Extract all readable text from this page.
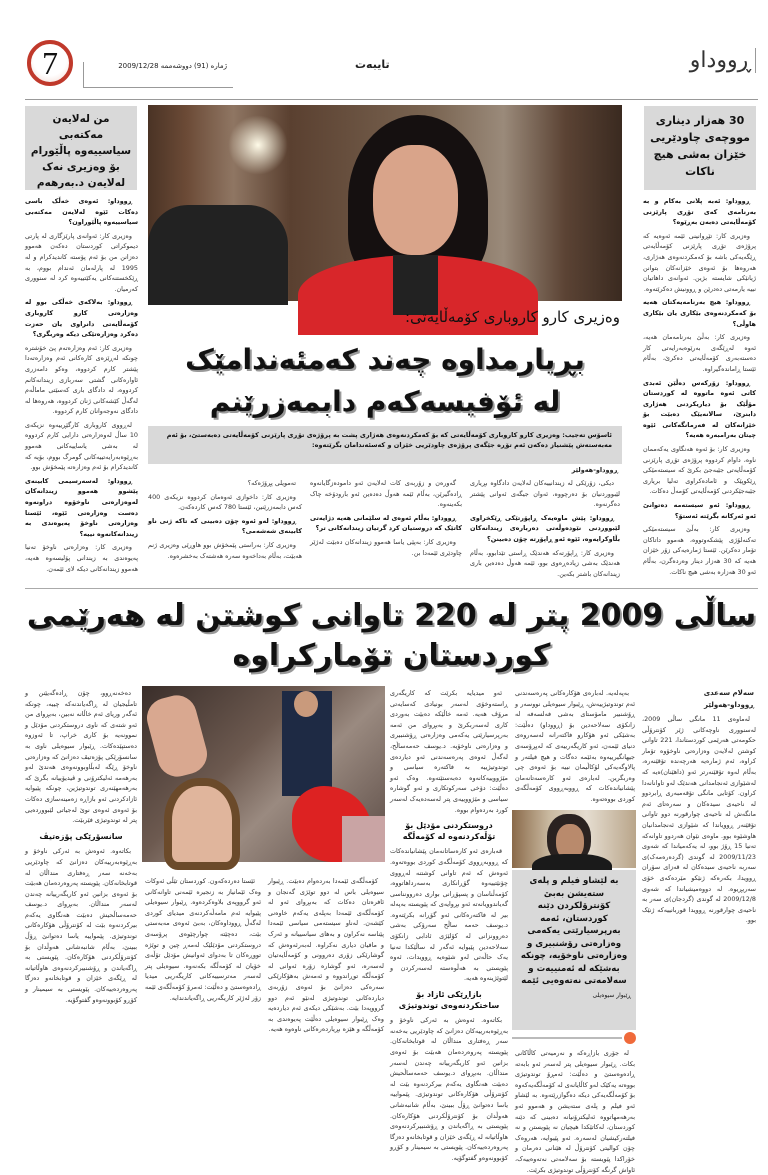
7	ژمارە (91) دووشەممە 2009/12/28	تایبەت	ڕووداو
من لەلایەن مەکتەبی سیاسییەوە پاڵێورام بۆ وەزیری نەک لەلایەن د.بەرهەم
30 هەزار دیناری مووچەی چاودێریی خێزان بەشی هیچ ناکات

ڕووداو: ئەوەی خەڵک باسی دەکات ئێوە لەلایەن مەکتەبی سیاسییەوە پاڵێوراون؟

وەزیری کار: ئەوانەی پارێزگاری لە پارتی دیموکراتی کوردستان دەکەن هەموو دەزانن من بۆ ئەم پۆستە کاندیدکرام و لە 1995 لە پارلەمان ئەندام بووم، بە ڕێکخستنەکانی یەکێتییەوە کرد لە سنووری کەرمیان.

ڕووداو: بەلاکەی خەڵکی بوو لە وەزارەتی کارو کاروباری کۆمەڵایەتی دانراوی یان حەزت دەکرد وەزارەتێکی دیکە وەربگری؟

وەزیری کار: ئەم وەزارەتەم پێ خۆشترە چونکە لەڕێزەی کارەکانی ئەم وەزارەتەدا پێشتر کارم کردووە، وەکو دامەزری ئاوارەکانی گشتی سەربازی زیندانەکانم کردووە، لە دادگای باری کەسێتی ماماڵەم لەگەڵ کێشەکانی ژنان کردووە، هەروەها لە دادگای نەوجەوانان کارم کردووە.

لەڕووی کاروباری کارگێڕییەوە نزیکەی 10 ساڵ لەوەزارەتی دارایی کارم کردووە لە بەشی یاساییەکانی هەموو بەڕێوەبەرایەتییەکانی گومرگ بووم، بۆیە کە کاندیدکرام بۆ ئەم وەزارەتە پێمخۆش بوو.

ڕووداو: لەسەرسیمی کابینەی پێشوو هەموو زیندانەکان لەوەزارەتی ناوخۆوە دراونەوە دەست وەزارەتی ئێوە، ئێستا وەزارەتی ناوخۆ پەیوەندی بە زیندانەکانەوە نییە؟

وەزیری کار: وەزارەتی ناوخۆ تەنیا پەیوەندی بە زیندانی پۆلیسەوە هەیە، هەموو زیندانەکانی دیکە لای ئێمەن.

ڕووداو: ئەبە پلانی بەکام و بە بەرنامەی کەی تۆڕی پارێزنی کۆمەڵایەتی دەبەن بەڕێوە؟

وەزیری کار: تێڕوانینی ئێمە ئەوەیە کە پرۆژەی تۆڕی پارێزنی کۆمەڵایەتی ڕێگەیەکی باشە بۆ کەمکردنەوەی هەژاری، هەروەها بۆ ئەوەی خێزانەکان بتوانن ژیانێکی شایستە بژین. ئەوانەی داهاتیان نییە یارمەتی دەدرێن و ڕوونیش دەکرێتەوە.

ڕووداو: هیچ بەرنامەیەکتان هەیە بۆ کەمکردنەوەی بێکاری یان بێکاری هاوڵی؟

وەزیری کار: بەڵێ بەرنامەمان هەیە، ئەوە لەڕێگەی بەرێوەبەرایەتی کار دەستەبەری کۆمەڵایەتی دەکرێ، بەڵام ئێستا ڕاماندەگیراوە.

ڕووداو: زۆرکەس دەڵێن ئەبدی کاتی ئەوە ماتووە لە کوردستان مۆڵێک بۆ دیاریکردنی هەژاری دابنرێ، سالانەیێک دەبێت بۆ خێزانەکان لە فەرمانگەکانی ئێوە چیتان بەرامبەرە هەیە؟

وەزیری کار: بۆ ئەوە هەنگاوی یەکەممان ناوە، داوام کردووە پرۆژەی تۆڕی پارێزنی کۆمەڵایەتی جێبەجێ بکرێ کە سیستەمێکی ڕێکوپێک و ئامادەکراوی تەلیا بریاری جێبەجێکردنی کۆمەڵایەتی کۆمەڵ دەکات.

ڕووداو: ئەو سیستەمە دەتوانێ ئەو ئەرکانە بگرێتە ئەستۆ؟

وەزیری کار: بەڵێ سیستەمێکی تەکنەلۆژی پێشکەوتووە، هەموو داتاکان تۆمار دەکرێن. ئێستا ژمارەیەکی زۆر خێزان هەیە کە 30 هەزار دینار وەردەگرن، بەڵام ئەو 30 هەزارە بەشی هیچ ناکات.

وەزیری کارو کاروباری کۆمەڵایەتی:
بڕیارمداوە چەند کەمئەندامێک
لە ئۆفیسەکەم دابمەزرێنم
ئاسۆس تەجیب: وەزیری کارو کاروباری کۆمەڵایەتی کە بۆ کەمکردنەوەی هەژاری پشت بە پرۆژەی تۆڕی پارێزنی کۆمەڵایەتی دەبەستێ، بۆ ئەم مەبەستەش پێشنیاز دەکەن ئەم تۆڕە جێگەی پرۆژەی چاودێریی خێزان و کەسئەندامان بگرێتەوە:
ڕووداو-هەولێر

دیکی، زۆرێکی لە زیندانییەکان لەلایەن دادگاوە بڕیاری لێبووردنیان بۆ دەرچووە، ئەوان جیگەی ئەوانی پێشتر دەگرنەوە.

ڕووداو: پێش ماوەیەک ڕاپۆرتێکی ڕێکخراوی لێبووردنی نێودەوڵەتی دەربارەی زیندانەکان بڵاوکرایەوە، ئێوە ئەو ڕاپۆرتە چۆن دەبینن؟

وەزیری کار: ڕاپۆرتەکە هەندێک ڕاستی تێدابوو، بەڵام هەندێک بەشی زیادەڕەوی بوو، ئێمە هەوڵ دەدەین باری زیندانەکان باشتر بکەین.

گەورەن و زۆربەی کات لەلایەن ئەو دامودەزگایانەوە ڕادەگیرێن، بەڵام ئێمە هەوڵ دەدەین ئەو بارودۆخە چاک بکەینەوە.

ڕووداو: بەڵام ئەوەی لە سلێمانی هەیە دژایەتی کاتێک کە دروستیان کرد گرتیان زیندانەکانی تر؟

وەزیری کار: بەپێی یاسا هەموو زیندانەکان دەبێت لەژێر چاودێری ئێمەدا بن.

تەمویلی پڕۆژەکە؟

وەزیری کار: داخوازی ئەوەمان کردووە نزیکەی 400 کەس دابمەزرێنین، ئێستا 780 کەس کاردەکەن.

ڕووداو: لەو ئەوە چۆن دەبینی کە تاکە ژنی ناو کابینەی شەشەمی؟

وەزیری کار: بەراستی پێمخۆش بوو هاوڕێی وەزیری ژنم هەبێت، بەڵام بەداخەوە سەرە هەشتەک بەخشرەوە.

ساڵی 2009 پتر لە 220 تاوانی کوشتن لە هەرێمی کوردستان تۆمارکراوە
سەلام سەعدی
ڕووداو-هەولێر

لەماوەی 11 مانگی ساڵی 2009، لەسنووری ناوچەکانی ژێر کۆنترۆڵی حکومەتی هەرێمی کوردستاندا، 221 تاوانی کوشتن لەلایەن وەزارەتی ناوخۆوە تۆمار کراوە، ئەم ژمارەیە هەرچەندە تۆقێنەرە، بەڵام لەوە تۆقێنەرتر ئەو (داهێنان)ەیە کە لەشێوازی ئەنجامدانی هەندێک لەو تاوانانەدا کراون. کۆتایی مانگی تۆقەمبەری ڕابردوو لە ناحیەی سیدەکان و سەرەتای ئەم مانگەش لە ناحیەی چوارقورنە دوو تاوانی تۆقێنەر ڕوویاندا کە شێوازی ئەنجامدانیان هاوشێوە بوو. ماوەی نێوان هەردوو تاوانەکە تەنیا 15 ڕۆژ بوو، لە یەکەمیاندا کە شەوی 2009/11/23 لە گوندی (گردەرەمەک)ی سەربە ناحیەی سیدەکان لە قەزای سۆران ڕوویدا، بکەرەکە ژنێکو مێردەکەی خۆی سەربڕیوە. لە دووەمیشیاندا کە شەوی 2009/12/8 لە گوندی (گردجان)ی سەر بە ناحیەی چوارقورنە ڕوویدا قوربانییەکە ژنێک بوو.

بەپەلەیە. لەبارەی هۆکارەکانی پەرەسەندنی ئەم توندوتیژییەش، ڕێبوار سیوەیلی نووسەر و ڕۆشنبیر مامۆستای بەشی فەلسەفە لە زانکۆی سەلاحەدین بۆ (ڕووداو) دەڵێت: بەشێکی ئەو هۆکارو فاکتەرانە لەسەروەی دنیای ئێمەن، ئەو کاریگەرییەی کە لەپڕۆسەی جیهانگیرییەوە بەئێمە دەگات و هیچ فیلتەر و پالاوگەیەکی لۆکاڵیمان نییە بۆ ئەوەی چی وەربگرین. لەبارەی ئەو کارەسەتانەمان پێشانیاندەکات کە ڕووبەڕووی کۆمەڵگەی کوردی بووەتەوە.

بە لێشاو فیلم و پلەی ستەیشن بەبێ کۆنترۆلکردن دێنە کوردستان، ئەمە بەرپرسیارێتی یەکەمی وەزارەتی رۆشنبیری و وەزارەتی ناوخۆیە، چونکە بەشێکە لە ئەمنییەت و سەلامەتی نەتەوەیی ئێمە
ڕێبوار سیوەیلی

لە جۆری بازاڕەکە و نەرمیەتی کاڵاکانی بکات. ڕێبوار سیوەیلی پتر لەسەر ئەو بابەتە ڕادەوەستێ و دەڵێت: ئەمڕۆ توندوتیژی بووەتە یەکێک لەو کاڵایانەی لە کۆمەڵگەیەکەوە بۆ کۆمەڵگەیەکی دیکە دەگوازرێتەوە. بە لێشاو ئەو فیلم و پلەی ستەیشن و هەموو ئەو بەرهەمهاتووە ئەلیکترۆنیانە دەبینی کە دێنە کوردستان، لەکاتێکدا هیچیان نە پێویستن و نە فیلتەرکیشیان لەسەرە. ئەو پێیوایە، هەروەک چۆن کوالیتی کۆنترۆڵ لە هێنانی دەرمان و خۆراکدا پێویستە بۆ سەلامەتی نەتەوەییەک، ئاواش گرنگە کۆنترۆڵی توندوتیژی بکرێت.

ئەو میدیایە بکرێت کە کاریگەری ڕاستەوخۆی لەسەر بونیادی کەسایەتی مرۆڤ هەیە. ئەمە خاڵێکە دەبێت بەوردی کاری لەسەربکرێ و بەبڕوای من ئەمە بەرپرسیارێتی یەکەمی وەزارەتی ڕۆشنبیری و وەزارەتی ناوخۆیە. د.یوسف حەمەساڵح، لەگەڵ ئەوەی پەرەسەندنی ئەو دیاردەی توندوتیژییە بە فاکتەرە سیاسی و مێژووییەکانەوە دەبەستێتەوە. وەک ئەو دەڵێت: دۆخی سەرکوتکاری و ئەو گوشارە سیاسی و مێژووییەی پتر لەسەدەیەک لەسەر کورد بەردەوام بووە.

دروستکردنی مۆدێل بۆ تۆڵەکردنەوە لە کۆمەڵگە

قەبارەی ئەو کارەساتانەمان پێشانیاندەکات کە ڕووبەڕووی کۆمەڵگەی کوردی بووەتەوە. ئەوەش کە ئەم تاوانی کوشتنە لەڕووی چۆنێتییەوە گۆڕانکاری بەسەرداهاتووە، کۆمەڵناسان و پسپۆڕانی بواری دەروونناسی گەیاندوویانەتە ئەو بڕوایەی کە پێویستە بەپەلە بیر لە فاکتەرەکانی ئەو گۆڕانە بکرێتەوە. د.یوسف حەمە ساڵح سەرۆکی بەشی دەروونزانی لە کۆلێژی ئادابی زانکۆی سەلاحەدین پێیوایە ئەگەر لە ساڵێکدا تەنیا یەک حاڵەتی لەو شێوەیە ڕوویدات، ئەوە پێویستی بە هەڵوەستە لەسەرکردن و لێتوێژینەوە هەیە.

بازاڕێکی ئازاد بۆ ساختکردنەوەی توندوتیژی

بکاتەوە. ئەوەش بە ئەرکی ناوخۆ و بەڕێوەبەرییەکان دەزانێ کە چاودێریی بەخەنە سەر ڕەفتاری منداڵان لە قوتابخانەکان. پێویستە پەروەردەمان هەبێت بۆ ئەوەی بزانین ئەو کاریگەرییانە چەندن لەسەر منداڵان. بەبڕوای د.یوسف حەمەساڵحیش دەبێت هەنگاوی یەکەم بیرکردنەوە بێت لە کۆنترۆڵی هۆکارەکانی توندوتیژی. پێمواییە یاسا دەتوانێ ڕۆڵ ببینێ، بەڵام شانبەشانی هەوڵدان بۆ کۆنترۆڵکردنی هۆکارەکان. پێویستی بە ڕاگەیاندن و ڕۆشنبیرکردنەوەی هاوڵاتیانە لە ڕێگەی خێزان و قوتابخانەو دەزگا پەروەردەییەکان. پێویستی بە سیمینار و کۆڕو کۆبوونەوەو گفتوگۆیە.

دەخەنەڕوو، چۆن ڕادەگەیێنن و تامڵیجیان لە ڕاگەیاندنەکە چییە، چونکە ئەگەر وریای ئەم خاڵانە نەبین، بەبڕوای من ئەو شتەی کە ناوی دروستکردنی مۆدێل و نموونەیە بۆ کاری خراپ، تا ئەوزوە دەستپێدەکات. ڕێبوار سیوەیلی ناوی بە سانسۆرێکی پۆزەتیڤ دەزانێ کە وەزارەتی ناوخۆ ڕێگە لەبڵاوبوونەوەی هەندێ لەو بەرهەمە ئەلیکترۆنی و ڤیدیۆییانە بگرێ کە بەرهەمهێنەری توندوتیژین، چونکە پێیوایە ئازادکردنی ئەو بازاڕە زەمینەسازی دەکات بۆ ئەوەی ئەوەی نوێ لەجیاتی لێبووردەیی پتر لە توندوتیژی فێربێت.

سانسۆرێکی پۆزەتیڤ

بکاتەوە. ئەوەش بە ئەرکی ناوخۆ و بەڕێوەبەرییەکان دەزانێ کە چاودێریی بەخەنە سەر ڕەفتاری منداڵان لە قوتابخانەکان. پێویستە پەروەردەمان هەبێت بۆ ئەوەی بزانین ئەو کاریگەرییانە چەندن لەسەر منداڵان. بەبڕوای د.یوسف حەمەساڵحیش دەبێت هەنگاوی یەکەم بیرکردنەوە بێت لە کۆنترۆڵی هۆکارەکانی توندوتیژی. پێمواییە یاسا دەتوانێ ڕۆڵ ببینێ، بەڵام شانبەشانی هەوڵدان بۆ کۆنترۆڵکردنی هۆکارەکان. پێویستی بە ڕاگەیاندن و ڕۆشنبیرکردنەوەی هاوڵاتیانە لە ڕێگەی خێزان و قوتابخانەو دەزگا پەروەردەییەکان. پێویستی بە سیمینار و کۆڕو کۆبوونەوەو گفتوگۆیە.

ئێستا دەردەکەون. کوردستان تێڵی ئەوکات وەک ئێمانیاز بە زنجیرە ئێمەنی تاوانەکانی ئەو گرووپەی بلاوەکردەوە. ڕێبوار سیوەیلی پێیوایە ئەم مامەڵەکردنەی میدیای کوردی لەگەڵ ڕووداوەکان، بەبێ ئەوەی مەبەستی بێت، دەچێتە چوارچێوەی پرۆسەی دروستکردنی مۆدێلێک لەمەڕ چین و توێژە تووڕەکان تا بەدوای ئەوانیش مۆدێل تۆڵەی خۆیان لە کۆمەڵگە بکەنەوە. سیوەیلی پتر لەسەر مەترسییەکانی کاریگەریی میدیا ڕادەوەستێ و دەڵێت: ئەمرۆ کۆمەڵگەی ئێمە زۆر لەژێر کاریگەریی ڕاگەیاندندایە.

کۆمەڵگەی ئێمەدا بەردەوام دەبێت. ڕێبوار سیوەیلی باس لە دوو توێژی گەنجان و ئافرەتان دەکات کە بەبڕوای ئەو لە کۆمەڵگەی ئێمەدا بەپلەی یەکەم خاوەنی کێشەن. لەناو سیستەمی سیاسی ئێمەدا پێناسە نەکراون و بەهای سیاسییانە و ئەرک و مافیان دیاری نەکراوە. لەبەرئەوەش کە گوشارێکی زۆری دەروونی و کۆمەڵایەتیان لەسەرە، ئەو گوشارە زۆرە ئەوانی لە کۆمەڵگە توڕاندووە و ئەمەش بەهۆکارێکی سەرەکی دەزانێ بۆ ئەوەی زۆربەی دیاردەکانی توندوتیژی لەنێو ئەم دوو گرووپەدا بێت. بەشێکی دیکەی ئەم دیاردەیە وەک ڕێبوار سیوەیلی دەڵێت پەیوەندی بە کۆمەڵگە و هێزە بڕیاردەرەکانی ناوەوە هەیە.
